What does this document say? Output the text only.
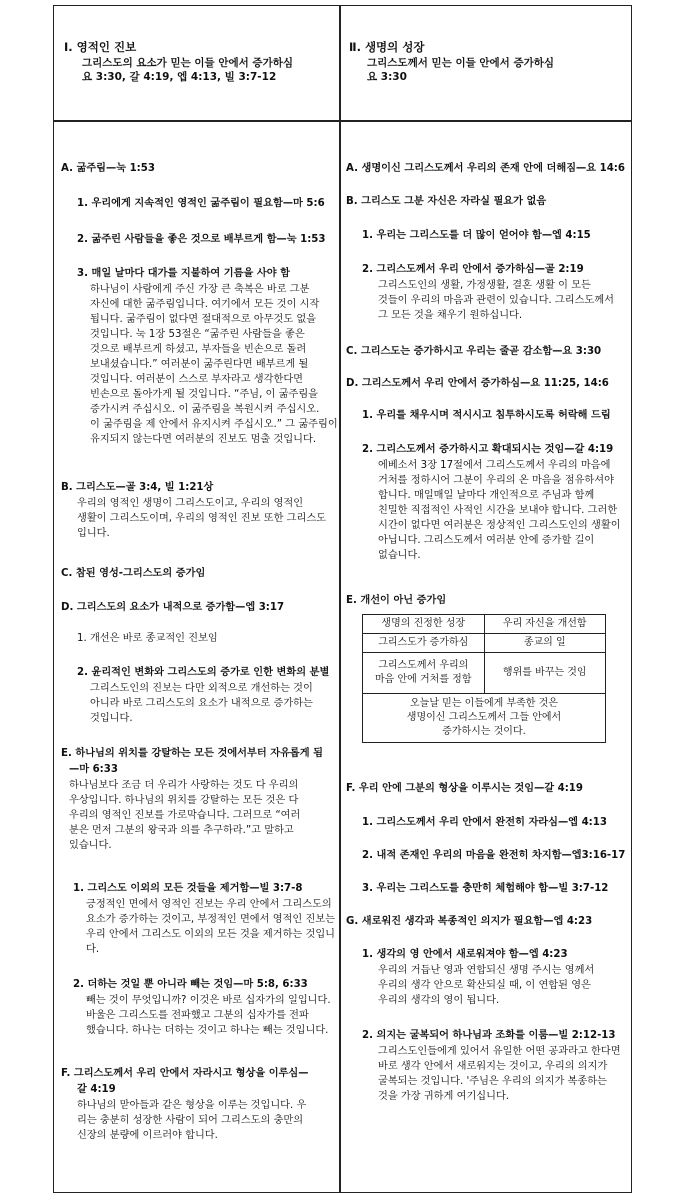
Ⅰ. 영적인 진보
그리스도의 요소가 믿는 이들 안에서 증가하심
요 3:30, 갈 4:19, 엡 4:13, 빌 3:7-12
Ⅱ. 생명의 성장
그리스도께서 믿는 이들 안에서 증가하심
요 3:30
A. 굶주림—눅 1:53
1. 우리에게 지속적인 영적인 굶주림이 필요함—마 5:6
2. 굶주린 사람들을 좋은 것으로 배부르게 함—눅 1:53
3. 매일 날마다 대가를 지불하여 기름을 사야 함
하나님이 사람에게 주신 가장 큰 축복은 바로 그분
자신에 대한 굶주림입니다. 여기에서 모든 것이 시작
됩니다. 굶주림이 없다면 절대적으로 아무것도 없을
것입니다. 눅 1장 53절은 “굶주린 사람들을 좋은
것으로 배부르게 하셨고, 부자들을 빈손으로 돌려
보내셨습니다.” 여러분이 굶주린다면 배부르게 될
것입니다. 여러분이 스스로 부자라고 생각한다면
빈손으로 돌아가게 될 것입니다. “주님, 이 굶주림을
증가시켜 주십시오. 이 굶주림을 복원시켜 주십시오.
이 굶주림을 제 안에서 유지시켜 주십시오.” 그 굶주림이
유지되지 않는다면 여러분의 진보도 멈출 것입니다.
B. 그리스도—골 3:4, 빌 1:21상
우리의 영적인 생명이 그리스도이고, 우리의 영적인
생활이 그리스도이며, 우리의 영적인 진보 또한 그리스도
입니다.
C. 참된 영성-그리스도의 증가임
D. 그리스도의 요소가 내적으로 증가함—엡 3:17
1. 개선은 바로 종교적인 진보임
2. 윤리적인 변화와 그리스도의 증가로 인한 변화의 분별
그리스도인의 진보는 다만 외적으로 개선하는 것이
아니라 바로 그리스도의 요소가 내적으로 증가하는
것입니다.
E. 하나님의 위치를 강탈하는 모든 것에서부터 자유롭게 됨
—마 6:33
하나님보다 조금 더 우리가 사랑하는 것도 다 우리의
우상입니다. 하나님의 위치를 강탈하는 모든 것은 다
우리의 영적인 진보를 가로막습니다. 그러므로 “여러
분은 먼저 그분의 왕국과 의를 추구하라.”고 말하고
있습니다.
1. 그리스도 이외의 모든 것들을 제거함—빌 3:7-8
긍정적인 면에서 영적인 진보는 우리 안에서 그리스도의
요소가 증가하는 것이고, 부정적인 면에서 영적인 진보는
우리 안에서 그리스도 이외의 모든 것을 제거하는 것입니
다.
2. 더하는 것일 뿐 아니라 빼는 것임—마 5:8, 6:33
빼는 것이 무엇입니까? 이것은 바로 십자가의 일입니다.
바울은 그리스도를 전파했고 그분의 십자가를 전파
했습니다. 하나는 더하는 것이고 하나는 빼는 것입니다.
F. 그리스도께서 우리 안에서 자라시고 형상을 이루심—
갈 4:19
하나님의 맏아들과 같은 형상을 이루는 것입니다. 우
리는 충분히 성장한 사람이 되어 그리스도의 충만의
신장의 분량에 이르러야 합니다.
A. 생명이신 그리스도께서 우리의 존재 안에 더해짐—요 14:6
B. 그리스도 그분 자신은 자라실 필요가 없음
1. 우리는 그리스도를 더 많이 얻어야 함—엡 4:15
2. 그리스도께서 우리 안에서 증가하심—골 2:19
그리스도인의 생활, 가정생활, 결혼 생활 이 모든
것들이 우리의 마음과 관련이 있습니다. 그리스도께서
그 모든 것을 채우기 원하십니다.
C. 그리스도는 증가하시고 우리는 줄곧 감소함—요 3:30
D. 그리스도께서 우리 안에서 증가하심—요 11:25, 14:6
1. 우리를 채우시며 적시시고 침투하시도록 허락해 드림
2. 그리스도께서 증가하시고 확대되시는 것임—갈 4:19
에베소서 3장 17절에서 그리스도께서 우리의 마음에
거처를 정하시어 그분이 우리의 온 마음을 점유하셔야
합니다. 매일매일 날마다 개인적으로 주님과 함께
친밀한 직접적인 사적인 시간을 보내야 합니다. 그러한
시간이 없다면 여러분은 정상적인 그리스도인의 생활이
아닙니다. 그리스도께서 여러분 안에 증가할 길이
없습니다.
E. 개선이 아닌 증가임
생명의 진정한 성장	우리 자신을 개선함
그리스도가 증가하심	종교의 일

그리스도께서 우리의
마음 안에 거처를 정함	행위를 바꾸는 것임

오늘날 믿는 이들에게 부족한 것은
생명이신 그리스도께서 그들 안에서
증가하시는 것이다.	
F. 우리 안에 그분의 형상을 이루시는 것임—갈 4:19
1. 그리스도께서 우리 안에서 완전히 자라심—엡 4:13
2. 내적 존재인 우리의 마음을 완전히 차지함—엡3:16-17
3. 우리는 그리스도를 충만히 체험해야 함—빌 3:7-12
G. 새로워진 생각과 복종적인 의지가 필요함—엡 4:23
1. 생각의 영 안에서 새로워져야 함—엡 4:23
우리의 거듭난 영과 연합되신 생명 주시는 영께서
우리의 생각 안으로 확산되실 때, 이 연합된 영은
우리의 생각의 영이 됩니다.
2. 의지는 굴복되어 하나님과 조화를 이룸—빌 2:12-13
그리스도인들에게 있어서 유일한 어떤 공과라고 한다면
바로 생각 안에서 새로워지는 것이고, 우리의 의지가
굴복되는 것입니다. '주님은 우리의 의지가 복종하는
것을 가장 귀하게 여기십니다.
